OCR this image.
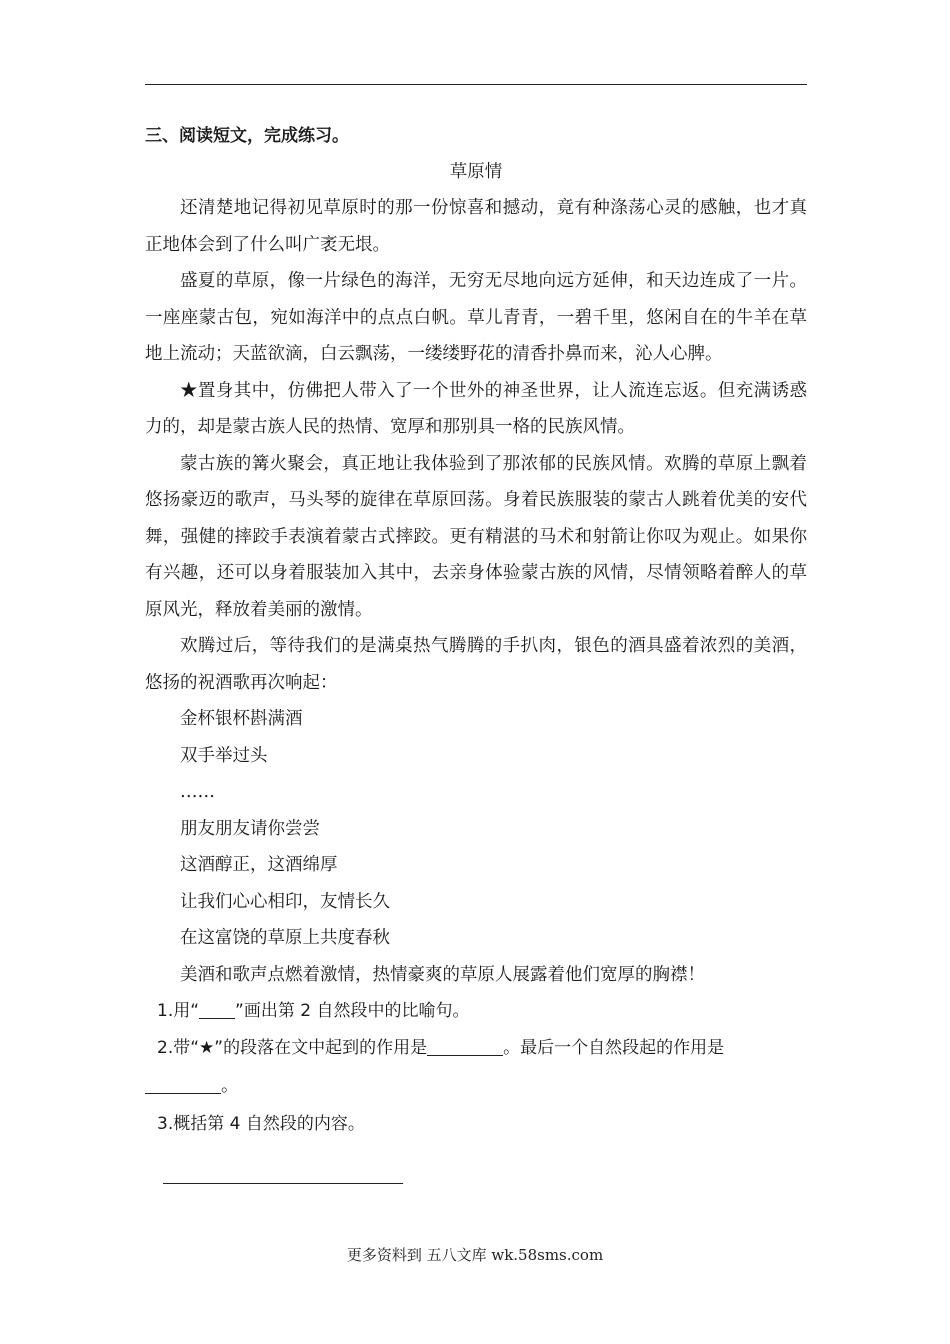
三、阅读短文，完成练习。

草原情

还清楚地记得初见草原时的那一份惊喜和撼动，竟有种涤荡心灵的感触，也才真正地体会到了什么叫广袤无垠。

盛夏的草原，像一片绿色的海洋，无穷无尽地向远方延伸，和天边连成了一片。一座座蒙古包，宛如海洋中的点点白帆。草儿青青，一碧千里，悠闲自在的牛羊在草地上流动；天蓝欲滴，白云飘荡，一缕缕野花的清香扑鼻而来，沁人心脾。

★置身其中，仿佛把人带入了一个世外的神圣世界，让人流连忘返。但充满诱惑力的，却是蒙古族人民的热情、宽厚和那别具一格的民族风情。

蒙古族的篝火聚会，真正地让我体验到了那浓郁的民族风情。欢腾的草原上飘着悠扬豪迈的歌声，马头琴的旋律在草原回荡。身着民族服装的蒙古人跳着优美的安代舞，强健的摔跤手表演着蒙古式摔跤。更有精湛的马术和射箭让你叹为观止。如果你有兴趣，还可以身着服装加入其中，去亲身体验蒙古族的风情，尽情领略着醉人的草原风光，释放着美丽的激情。

欢腾过后，等待我们的是满桌热气腾腾的手扒肉，银色的酒具盛着浓烈的美酒，悠扬的祝酒歌再次响起：

金杯银杯斟满酒

双手举过头

……

朋友朋友请你尝尝

这酒醇正，这酒绵厚

让我们心心相印，友情长久

在这富饶的草原上共度春秋

美酒和歌声点燃着激情，热情豪爽的草原人展露着他们宽厚的胸襟！

1.用“ ”画出第 2 自然段中的比喻句。

2.带“★”的段落在文中起到的作用是	。最后一个自然段起的作用是

。

3.概括第 4 自然段的内容。

更多资料到 五八文库 wk.58sms.com
